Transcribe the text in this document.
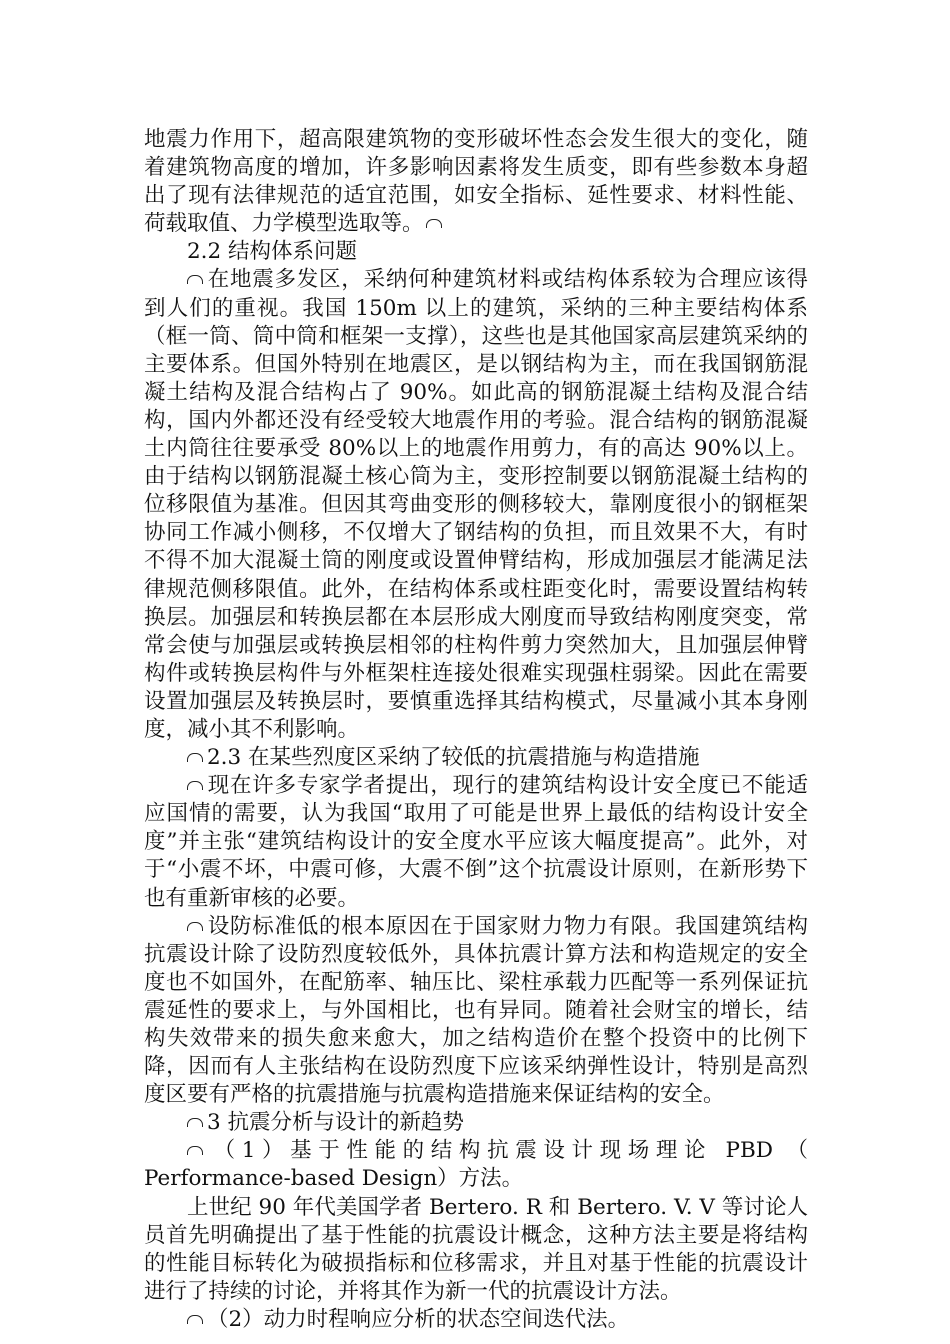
地震力作用下，超高限建筑物的变形破坏性态会发生很大的变化，随着建筑物高度的增加，许多影响因素将发生质变，即有些参数本身超出了现有法律规范的适宜范围，如安全指标、延性要求、材料性能、荷载取值、力学模型选取等。

2.2 结构体系问题

在地震多发区，采纳何种建筑材料或结构体系较为合理应该得到人们的重视。我国 150m 以上的建筑，采纳的三种主要结构体系（框一筒、筒中筒和框架一支撑），这些也是其他国家高层建筑采纳的主要体系。但国外特别在地震区，是以钢结构为主，而在我国钢筋混凝土结构及混合结构占了 90%。如此高的钢筋混凝土结构及混合结构，国内外都还没有经受较大地震作用的考验。混合结构的钢筋混凝土内筒往往要承受 80%以上的地震作用剪力，有的高达 90%以上。由于结构以钢筋混凝土核心筒为主，变形控制要以钢筋混凝土结构的位移限值为基准。但因其弯曲变形的侧移较大，靠刚度很小的钢框架协同工作减小侧移，不仅增大了钢结构的负担，而且效果不大，有时不得不加大混凝土筒的刚度或设置伸臂结构，形成加强层才能满足法律规范侧移限值。此外，在结构体系或柱距变化时，需要设置结构转换层。加强层和转换层都在本层形成大刚度而导致结构刚度突变，常常会使与加强层或转换层相邻的柱构件剪力突然加大，且加强层伸臂构件或转换层构件与外框架柱连接处很难实现强柱弱梁。因此在需要设置加强层及转换层时，要慎重选择其结构模式，尽量减小其本身刚度，减小其不利影响。

2.3 在某些烈度区采纳了较低的抗震措施与构造措施

现在许多专家学者提出，现行的建筑结构设计安全度已不能适应国情的需要，认为我国“取用了可能是世界上最低的结构设计安全度”并主张“建筑结构设计的安全度水平应该大幅度提高”。此外，对于“小震不坏，中震可修，大震不倒”这个抗震设计原则，在新形势下也有重新审核的必要。

设防标准低的根本原因在于国家财力物力有限。我国建筑结构抗震设计除了设防烈度较低外，具体抗震计算方法和构造规定的安全度也不如国外，在配筋率、轴压比、梁柱承载力匹配等一系列保证抗震延性的要求上，与外国相比，也有异同。随着社会财宝的增长，结构失效带来的损失愈来愈大，加之结构造价在整个投资中的比例下降，因而有人主张结构在设防烈度下应该采纳弹性设计，特别是高烈度区要有严格的抗震措施与抗震构造措施来保证结构的安全。

3 抗震分析与设计的新趋势

（1）基于性能的结构抗震设计现场理论 PBD （ Performance-based Design）方法。

上世纪 90 年代美国学者 Bertero. R 和 Bertero. V. V 等讨论人员首先明确提出了基于性能的抗震设计概念，这种方法主要是将结构的性能目标转化为破损指标和位移需求，并且对基于性能的抗震设计进行了持续的讨论，并将其作为新一代的抗震设计方法。

（2）动力时程响应分析的状态空间迭代法。
